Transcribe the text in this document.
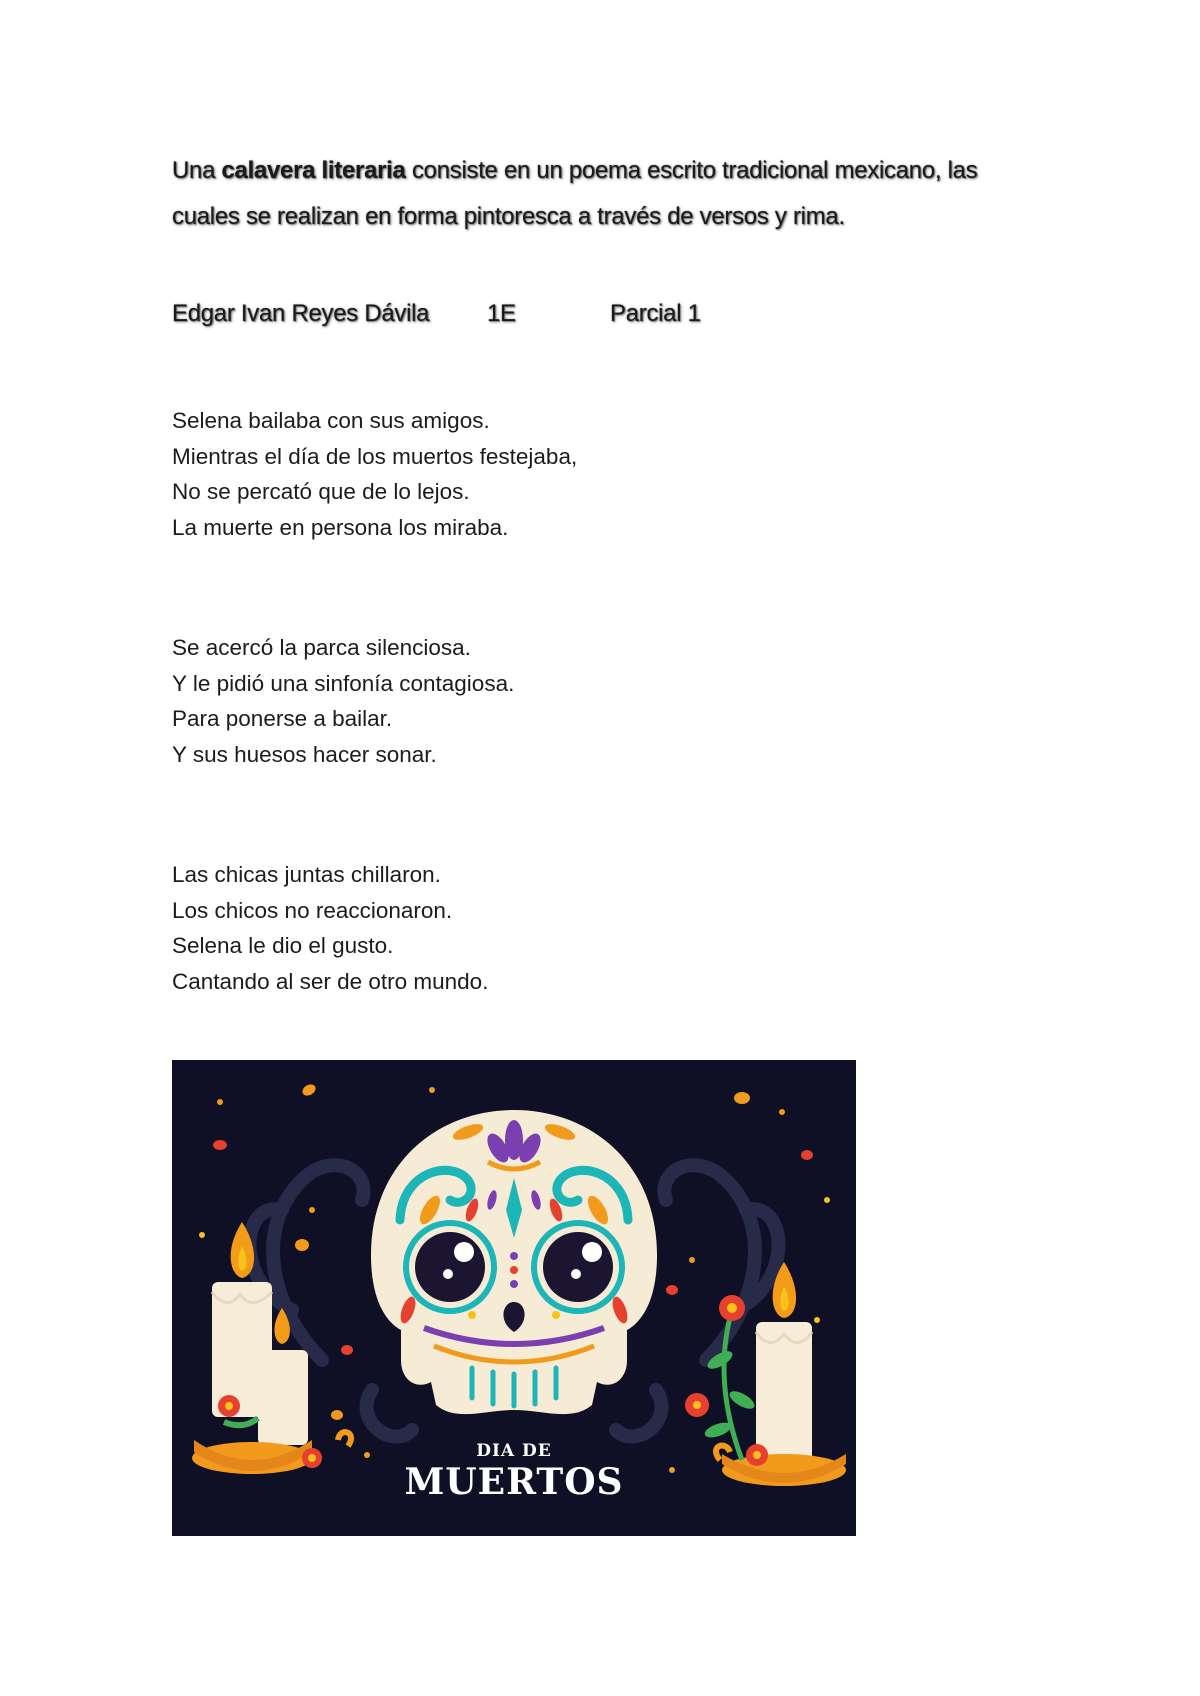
Una calavera literaria consiste en un poema escrito tradicional mexicano, las
cuales se realizan en forma pintoresca a través de versos y rima.
Edgar Ivan Reyes Dávila 1E	Parcial 1
Selena bailaba con sus amigos.
Mientras el día de los muertos festejaba,
No se percató que de lo lejos.
La muerte en persona los miraba.
Se acercó la parca silenciosa.
Y le pidió una sinfonía contagiosa.
Para ponerse a bailar.
Y sus huesos hacer sonar.
Las chicas juntas chillaron.
Los chicos no reaccionaron.
Selena le dio el gusto.
Cantando al ser de otro mundo.
DIA DE
MUERTOS
